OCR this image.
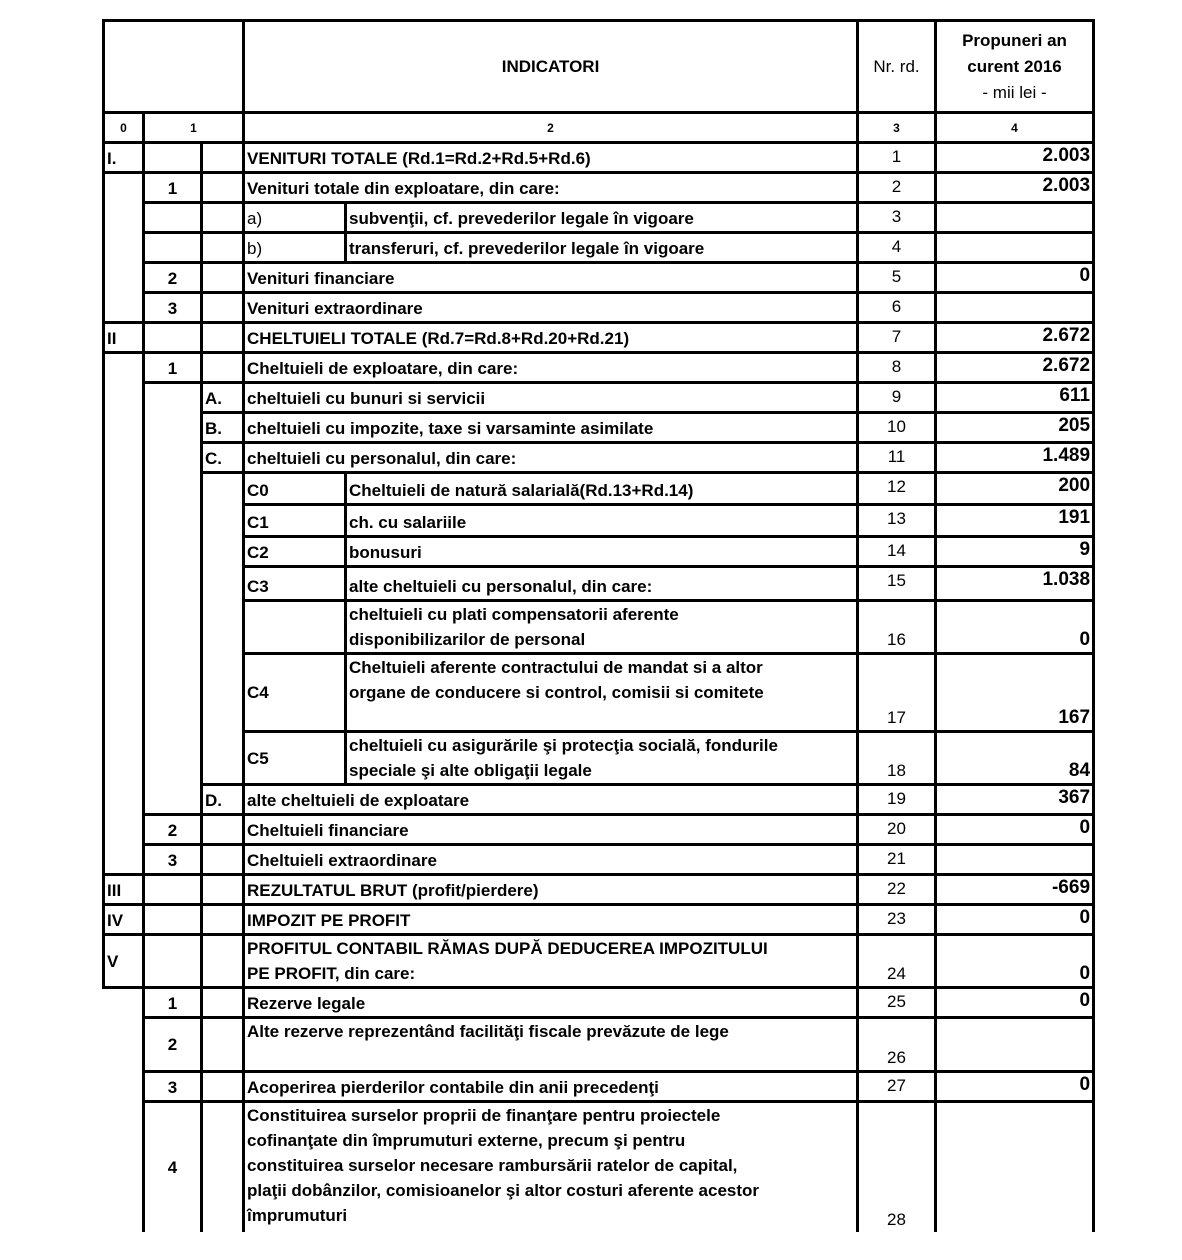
			INDICATORI		Nr. rd.	Propuneri an
curent 2016
- mii lei -

0	1		2		3	4
I.			VENITURI TOTALE (Rd.1=Rd.2+Rd.5+Rd.6)		1	2.003
	1		Venituri totale din exploatare, din care:		2	2.003
			a)	subvenţii, cf. prevederilor legale în vigoare	3	
			b)	transferuri, cf. prevederilor legale în vigoare	4	
	2		Venituri financiare		5	0
	3		Venituri extraordinare		6	
II			CHELTUIELI TOTALE (Rd.7=Rd.8+Rd.20+Rd.21)		7	2.672
	1		Cheltuieli de exploatare, din care:		8	2.672
		A.	cheltuieli cu bunuri si servicii		9	611
		B.	cheltuieli cu impozite, taxe si varsaminte asimilate		10	205
		C.	cheltuieli cu personalul, din care:		11	1.489
			C0	Cheltuieli de natură salarială(Rd.13+Rd.14)	12	200
			C1	ch. cu salariile	13	191
			C2	bonusuri	14	9
			C3	alte cheltuieli cu personalul, din care:	15	1.038

				cheltuieli cu plati compensatorii aferente
disponibilizarilor de personal	16	0
			C4	Cheltuieli aferente contractului de mandat si a altor
organe de conducere si control, comisii si comitete	17	167
			C5	cheltuieli cu asigurările şi protecţia socială, fondurile
speciale şi alte obligaţii legale	18	84
		D.	alte cheltuieli de exploatare		19	367
	2		Cheltuieli financiare		20	0
	3		Cheltuieli extraordinare		21	
III			REZULTATUL BRUT (profit/pierdere)		22	-669
IV			IMPOZIT PE PROFIT		23	0
V			PROFITUL CONTABIL RĂMAS DUPĂ DEDUCEREA IMPOZITULUI
PE PROFIT, din care:		24	0
	1		Rezerve legale		25	0
	2		Alte rezerve reprezentând facilităţi fiscale prevăzute de lege		26	
	3		Acoperirea pierderilor contabile din anii precedenţi		27	0
	4		Constituirea surselor proprii de finanţare pentru proiectele
cofinanţate din împrumuturi externe, precum şi pentru
constituirea surselor necesare rambursării ratelor de capital,
plaţii dobânzilor, comisioanelor şi altor costuri aferente acestor
împrumuturi		28	
